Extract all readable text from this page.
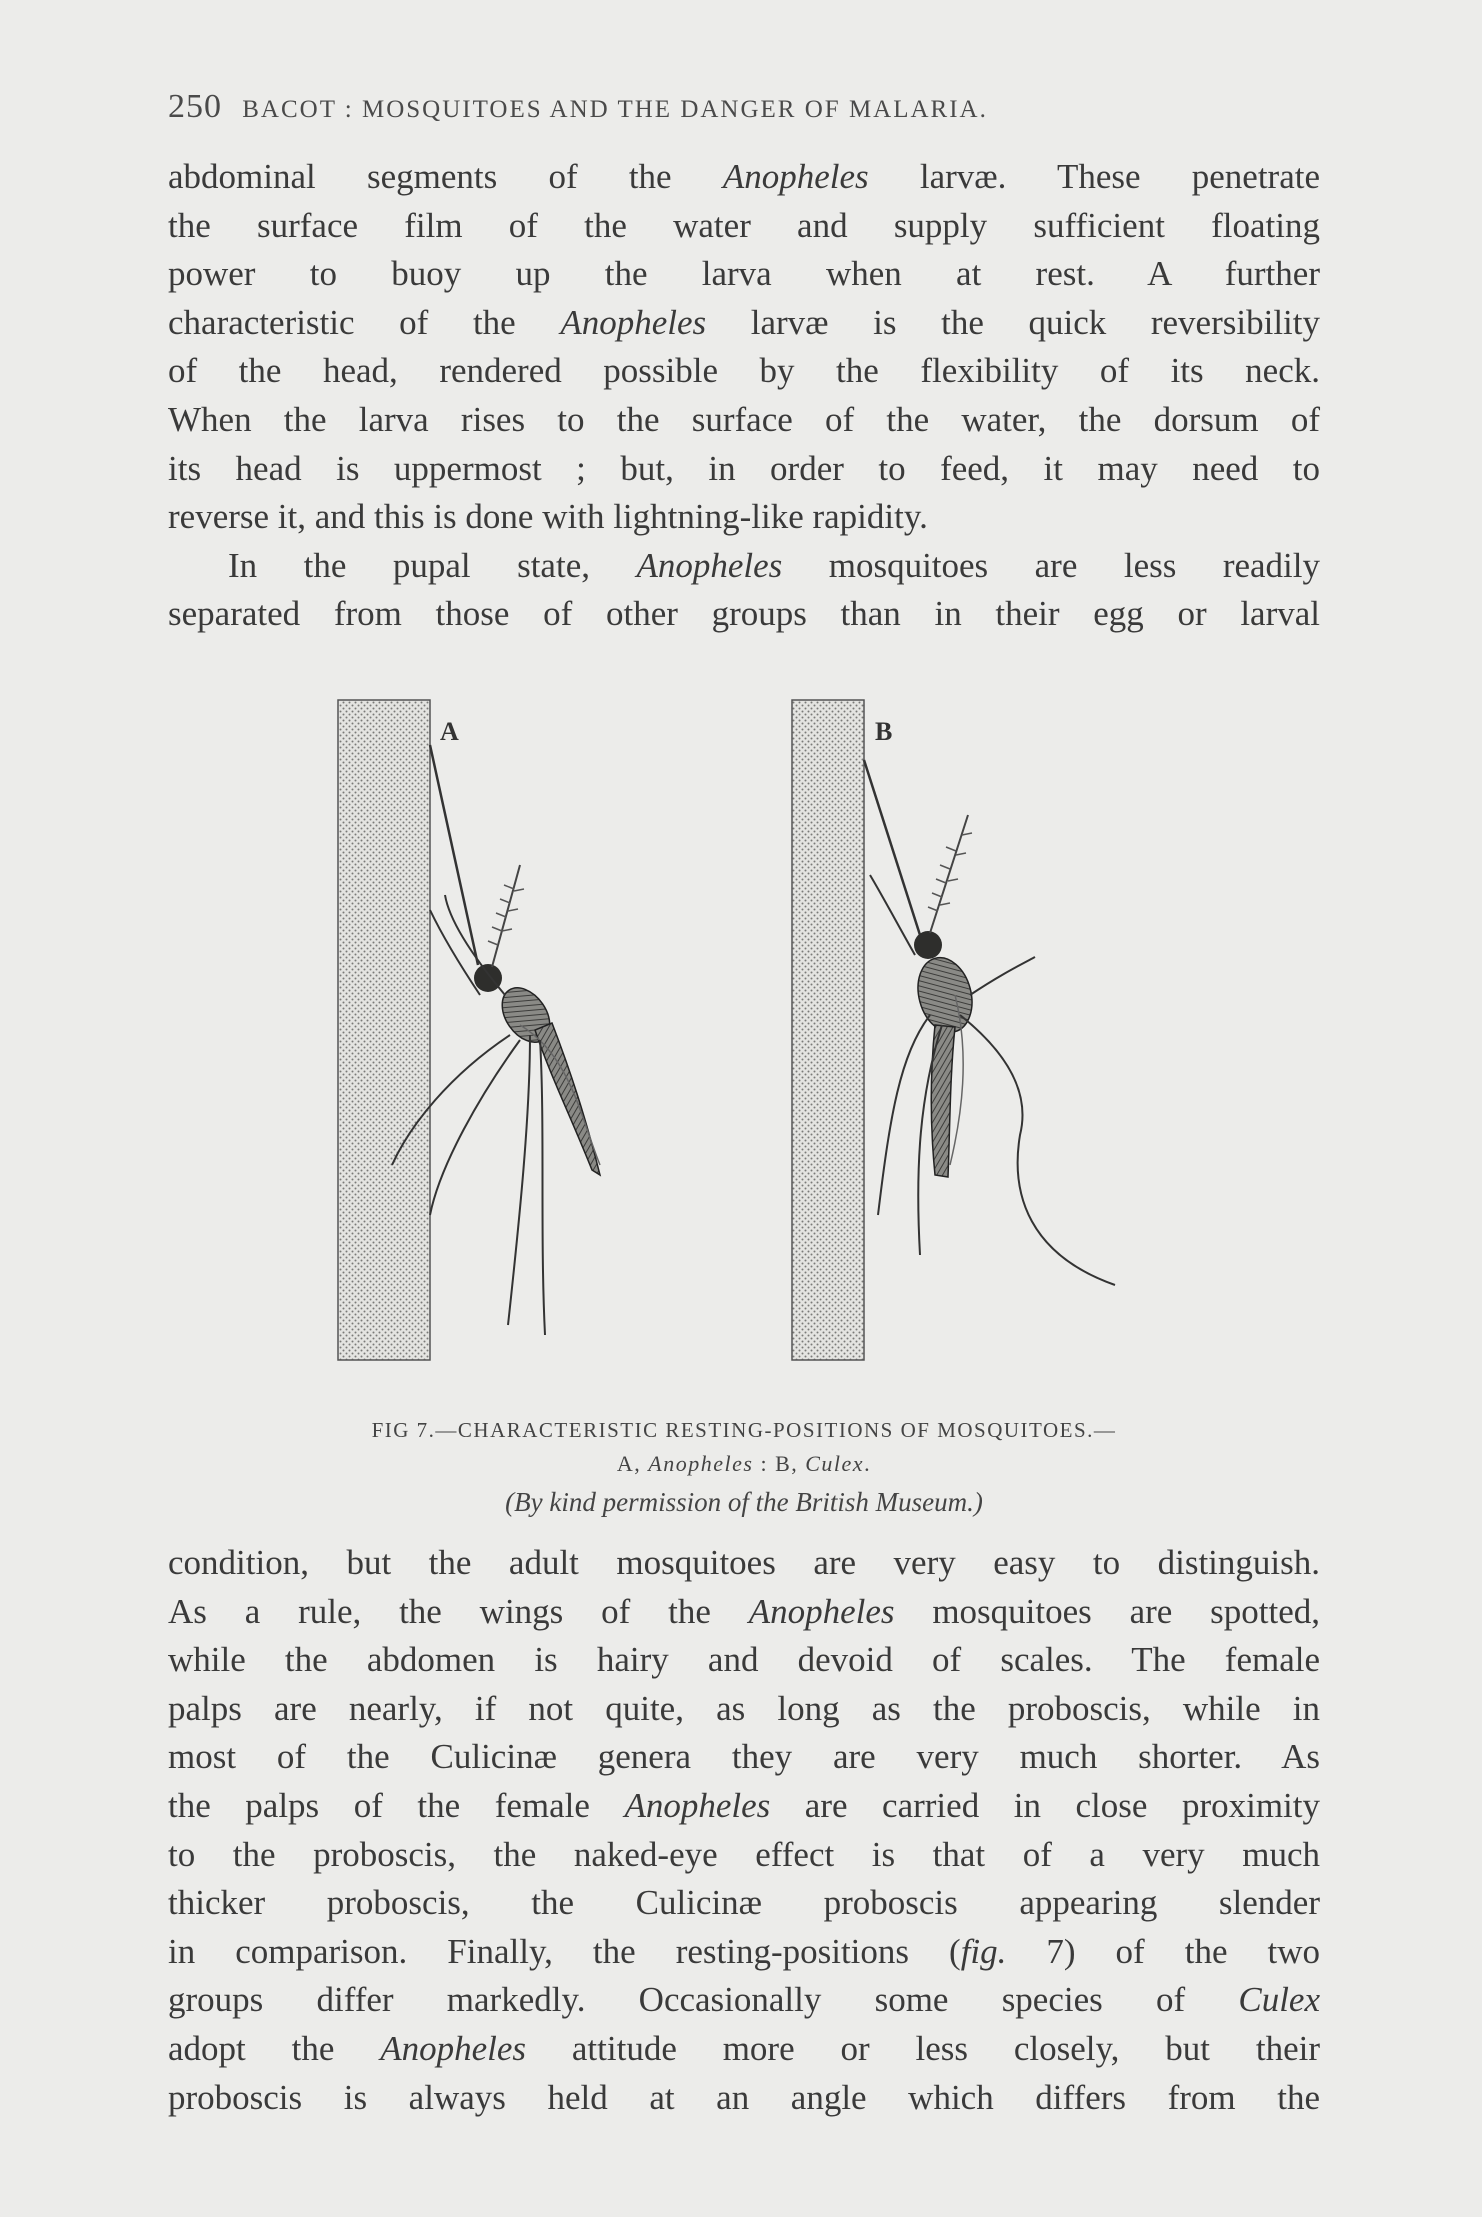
250 BACOT : MOSQUITOES AND THE DANGER OF MALARIA.

abdominal segments of the Anopheles larvæ. These penetrate

the surface film of the water and supply sufficient floating

power to buoy up the larva when at rest. A further

characteristic of the Anopheles larvæ is the quick reversibility

of the head, rendered possible by the flexibility of its neck.

When the larva rises to the surface of the water, the dorsum of

its head is uppermost ; but, in order to feed, it may need to

reverse it, and this is done with lightning-like rapidity.

In the pupal state, Anopheles mosquitoes are less readily

separated from those of other groups than in their egg or larval

A	B
FIG 7.—CHARACTERISTIC RESTING-POSITIONS OF MOSQUITOES.—
A, Anopheles : B, Culex.
(By kind permission of the British Museum.)

condition, but the adult mosquitoes are very easy to distinguish.

As a rule, the wings of the Anopheles mosquitoes are spotted,

while the abdomen is hairy and devoid of scales. The female

palps are nearly, if not quite, as long as the proboscis, while in

most of the Culicinæ genera they are very much shorter. As

the palps of the female Anopheles are carried in close proximity

to the proboscis, the naked-eye effect is that of a very much

thicker proboscis, the Culicinæ proboscis appearing slender

in comparison. Finally, the resting-positions (fig. 7) of the two

groups differ markedly. Occasionally some species of Culex

adopt the Anopheles attitude more or less closely, but their

proboscis is always held at an angle which differs from the
